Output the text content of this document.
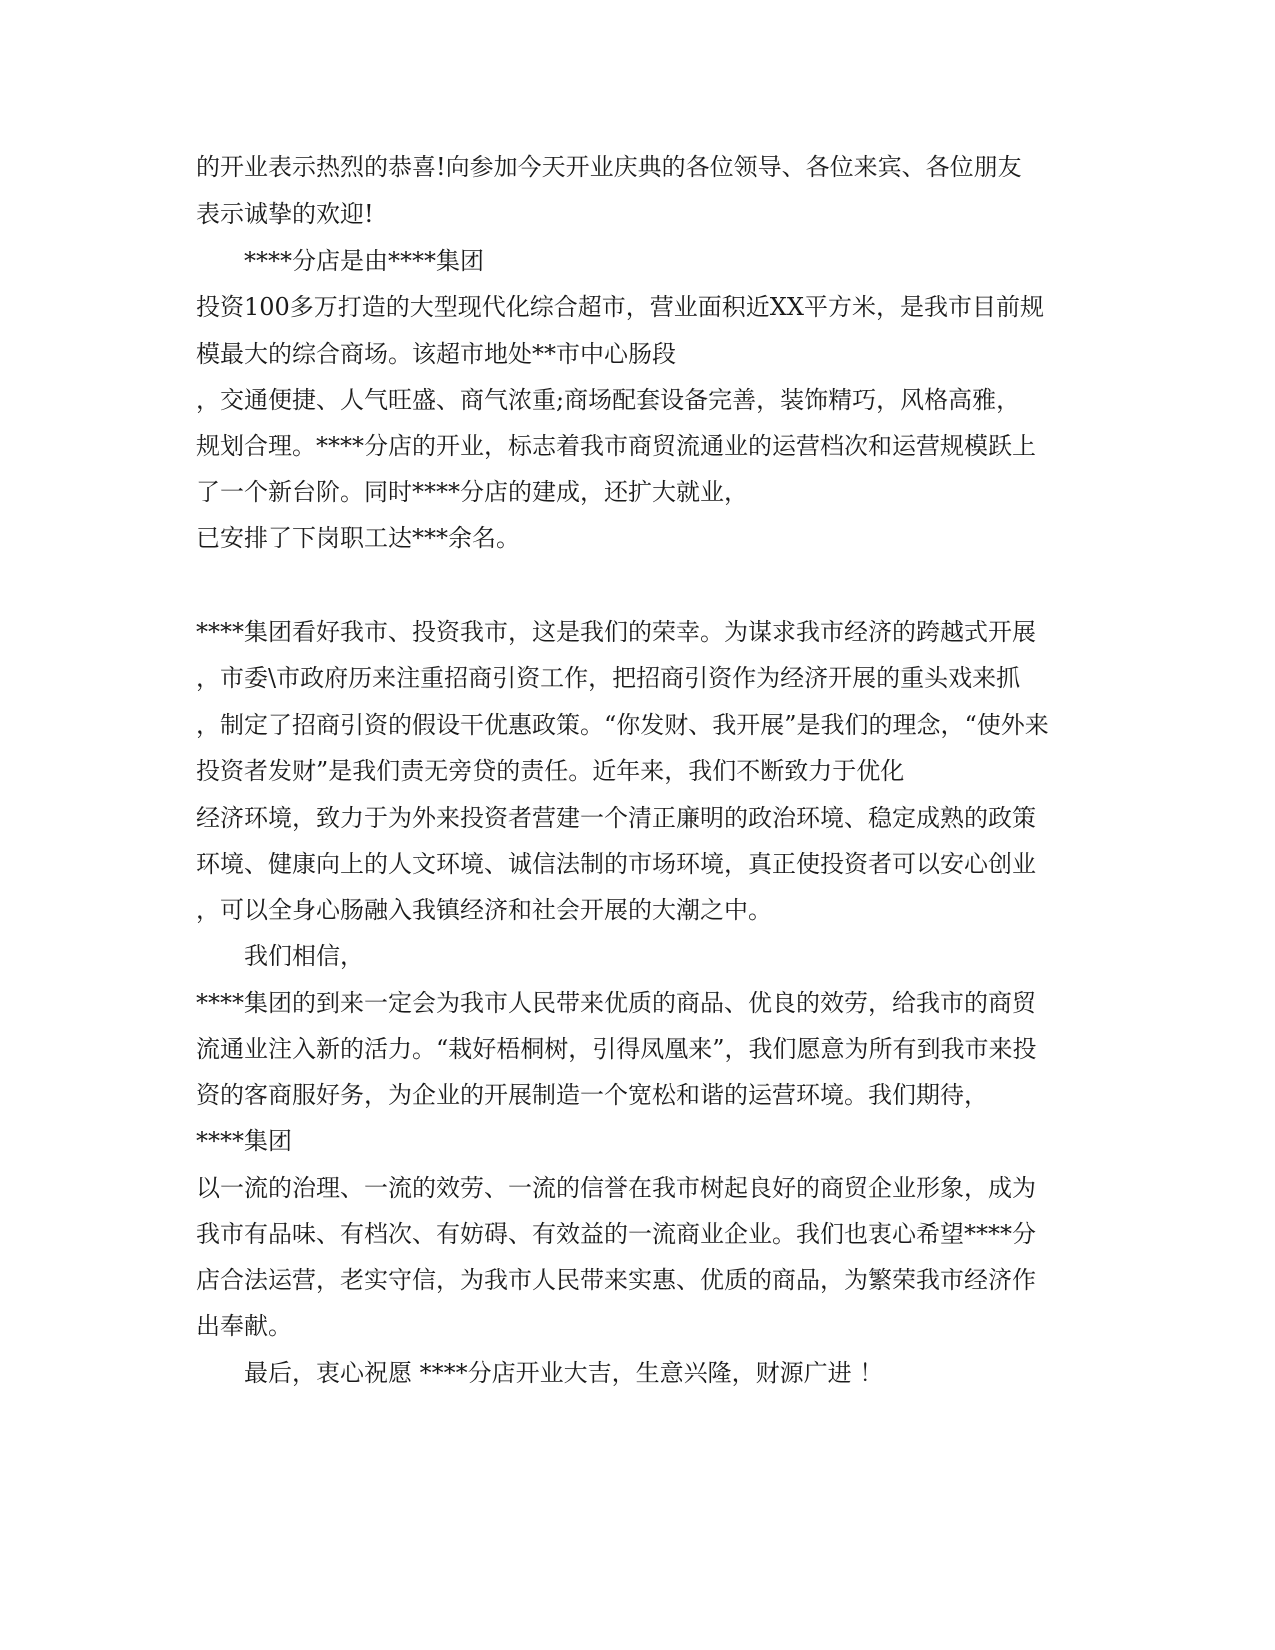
的开业表示热烈的恭喜!向参加今天开业庆典的各位领导、各位来宾、各位朋友

表示诚挚的欢迎!

****分店是由****集团

投资100多万打造的大型现代化综合超市，营业面积近XX平方米，是我市目前规

模最大的综合商场。该超市地处**市中心肠段

，交通便捷、人气旺盛、商气浓重;商场配套设备完善，装饰精巧，风格高雅，

规划合理。****分店的开业，标志着我市商贸流通业的运营档次和运营规模跃上

了一个新台阶。同时****分店的建成，还扩大就业，

已安排了下岗职工达***余名。

****集团看好我市、投资我市，这是我们的荣幸。为谋求我市经济的跨越式开展

，市委\市政府历来注重招商引资工作，把招商引资作为经济开展的重头戏来抓

，制定了招商引资的假设干优惠政策。“你发财、我开展”是我们的理念，“使外来

投资者发财”是我们责无旁贷的责任。近年来，我们不断致力于优化

经济环境，致力于为外来投资者营建一个清正廉明的政治环境、稳定成熟的政策

环境、健康向上的人文环境、诚信法制的市场环境，真正使投资者可以安心创业

，可以全身心肠融入我镇经济和社会开展的大潮之中。

我们相信，

****集团的到来一定会为我市人民带来优质的商品、优良的效劳，给我市的商贸

流通业注入新的活力。“栽好梧桐树，引得凤凰来”，我们愿意为所有到我市来投

资的客商服好务，为企业的开展制造一个宽松和谐的运营环境。我们期待，

****集团

以一流的治理、一流的效劳、一流的信誉在我市树起良好的商贸企业形象，成为

我市有品味、有档次、有妨碍、有效益的一流商业企业。我们也衷心希望****分

店合法运营，老实守信，为我市人民带来实惠、优质的商品，为繁荣我市经济作

出奉献。

最后，衷心祝愿 ****分店开业大吉，生意兴隆，财源广进 ！
